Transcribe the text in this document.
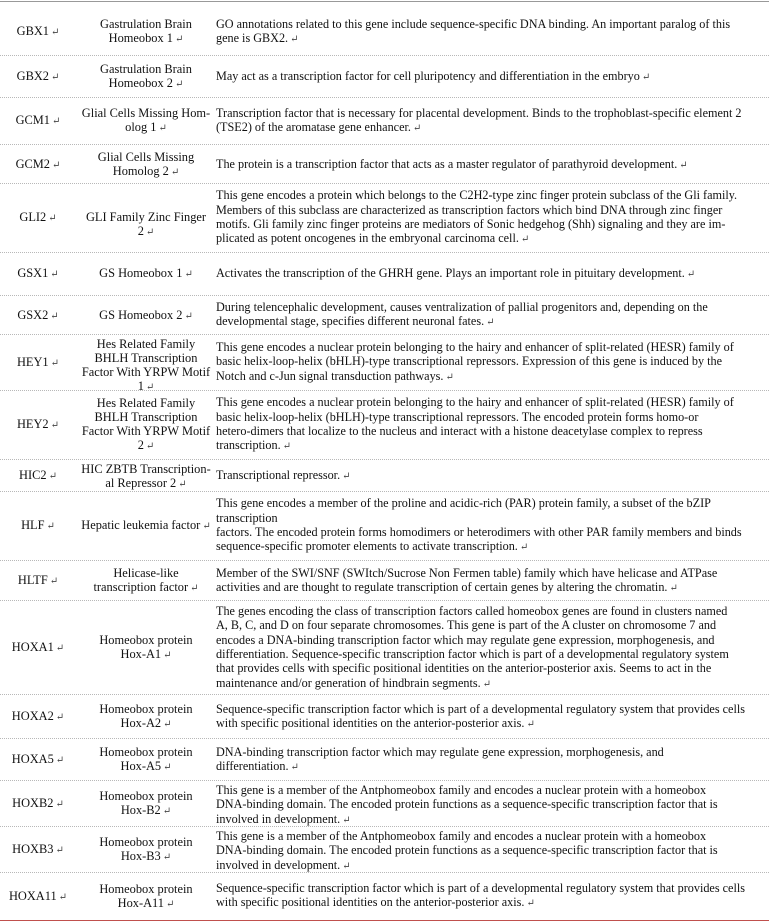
GO annotations related to this gene include sequence-specific DNA binding. An important paralog of this
gene is GBX2. ↵
Gastrulation Brain
Homeobox 1 ↵
GBX1 ↵
May act as a transcription factor for cell pluripotency and differentiation in the embryo ↵
Gastrulation Brain
Homeobox 2 ↵
GBX2 ↵
Transcription factor that is necessary for placental development. Binds to the trophoblast-specific element 2
(TSE2) of the aromatase gene enhancer. ↵
Glial Cells Missing Hom-
olog 1 ↵
GCM1 ↵
The protein is a transcription factor that acts as a master regulator of parathyroid development. ↵
Glial Cells Missing
Homolog 2 ↵
GCM2 ↵
This gene encodes a protein which belongs to the C2H2-type zinc finger protein subclass of the Gli family.
Members of this subclass are characterized as transcription factors which bind DNA through zinc finger
motifs. Gli family zinc finger proteins are mediators of Sonic hedgehog (Shh) signaling and they are im-
plicated as potent oncogenes in the embryonal carcinoma cell. ↵
GLI Family Zinc Finger 2 ↵
GLI2 ↵
Activates the transcription of the GHRH gene. Plays an important role in pituitary development. ↵
GS Homeobox 1 ↵
GSX1 ↵
During telencephalic development, causes ventralization of pallial progenitors and, depending on the
developmental stage, specifies different neuronal fates. ↵
GS Homeobox 2 ↵
GSX2 ↵
This gene encodes a nuclear protein belonging to the hairy and enhancer of split-related (HESR) family of
basic helix-loop-helix (bHLH)-type transcriptional repressors. Expression of this gene is induced by the
Notch and c-Jun signal transduction pathways. ↵
Hes Related Family
BHLH Transcription
Factor With YRPW Motif
1 ↵
HEY1 ↵
This gene encodes a nuclear protein belonging to the hairy and enhancer of split-related (HESR) family of
basic helix-loop-helix (bHLH)-type transcriptional repressors. The encoded protein forms homo-or
hetero-dimers that localize to the nucleus and interact with a histone deacetylase complex to repress
transcription. ↵
Hes Related Family
BHLH Transcription
Factor With YRPW Motif
2 ↵
HEY2 ↵
Transcriptional repressor. ↵
HIC ZBTB Transcription-
al Repressor 2 ↵
HIC2 ↵
This gene encodes a member of the proline and acidic-rich (PAR) protein family, a subset of the bZIP
transcription
factors. The encoded protein forms homodimers or heterodimers with other PAR family members and binds
sequence-specific promoter elements to activate transcription. ↵
Hepatic leukemia factor ↵
HLF ↵
Member of the SWI/SNF (SWItch/Sucrose Non Fermen table) family which have helicase and ATPase
activities and are thought to regulate transcription of certain genes by altering the chromatin. ↵
Helicase-like
transcription factor ↵
HLTF ↵
The genes encoding the class of transcription factors called homeobox genes are found in clusters named
A, B, C, and D on four separate chromosomes. This gene is part of the A cluster on chromosome 7 and
encodes a DNA-binding transcription factor which may regulate gene expression, morphogenesis, and
differentiation. Sequence-specific transcription factor which is part of a developmental regulatory system
that provides cells with specific positional identities on the anterior-posterior axis. Seems to act in the
maintenance and/or generation of hindbrain segments. ↵
Homeobox protein
Hox-A1 ↵
HOXA1 ↵
Sequence-specific transcription factor which is part of a developmental regulatory system that provides cells
with specific positional identities on the anterior-posterior axis. ↵
Homeobox protein
Hox-A2 ↵
HOXA2 ↵
DNA-binding transcription factor which may regulate gene expression, morphogenesis, and
differentiation. ↵
Homeobox protein
Hox-A5 ↵
HOXA5 ↵
This gene is a member of the Antphomeobox family and encodes a nuclear protein with a homeobox
DNA-binding domain. The encoded protein functions as a sequence-specific transcription factor that is
involved in development. ↵
Homeobox protein
Hox-B2 ↵
HOXB2 ↵
This gene is a member of the Antphomeobox family and encodes a nuclear protein with a homeobox
DNA-binding domain. The encoded protein functions as a sequence-specific transcription factor that is
involved in development. ↵
Homeobox protein
Hox-B3 ↵
HOXB3 ↵
Sequence-specific transcription factor which is part of a developmental regulatory system that provides cells
with specific positional identities on the anterior-posterior axis. ↵
Homeobox protein
Hox-A11 ↵
HOXA11 ↵
